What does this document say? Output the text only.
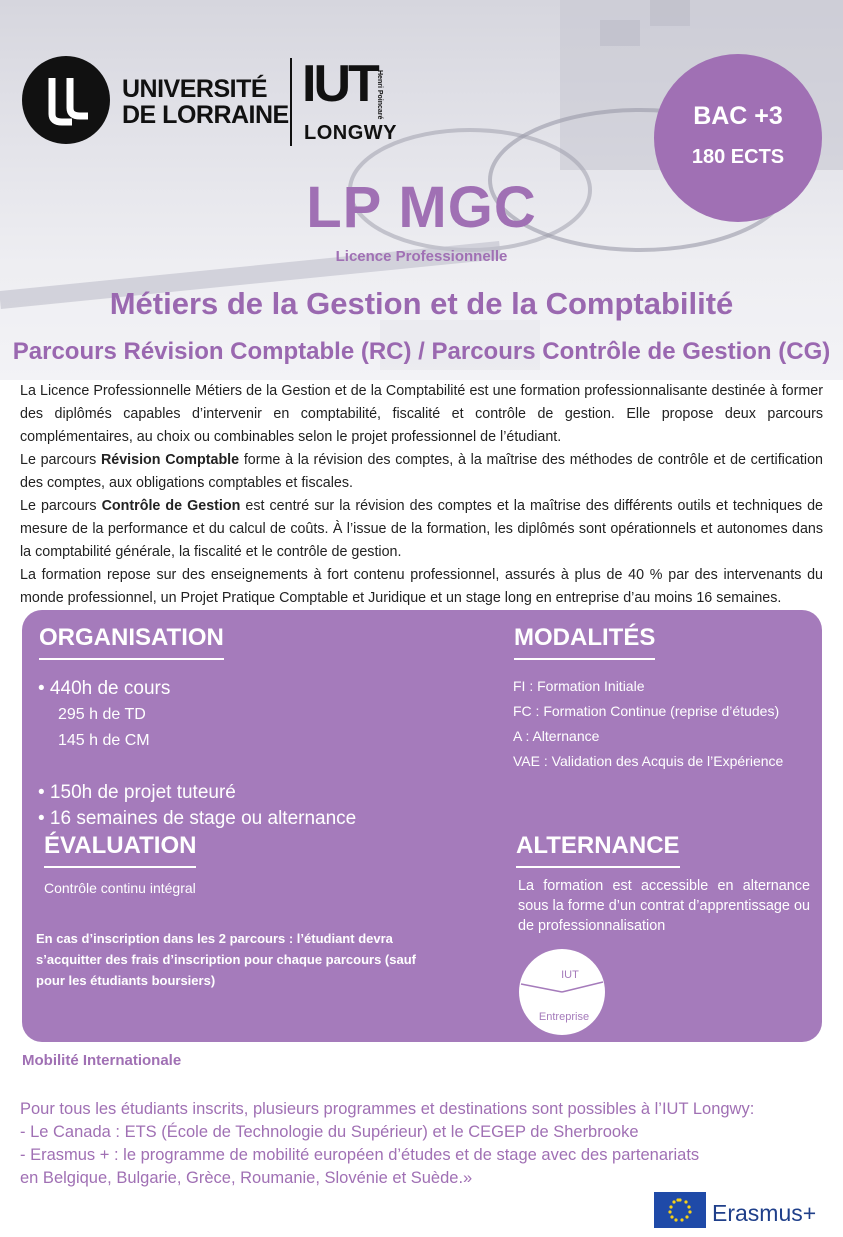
UNIVERSITÉ
DE LORRAINE
IUT Henri Poincaré
LONGWY
BAC +3
180 ECTS
LP MGC
Licence Professionnelle
Métiers de la Gestion et de la Comptabilité
Parcours Révision Comptable (RC) / Parcours Contrôle de Gestion (CG)

La Licence Professionnelle Métiers de la Gestion et de la Comptabilité est une formation professionnalisante destinée à former des diplômés capables d’intervenir en comptabilité, fiscalité et contrôle de gestion. Elle propose deux parcours complémentaires, au choix ou combinables selon le projet professionnel de l’étudiant.

Le parcours Révision Comptable forme à la révision des comptes, à la maîtrise des méthodes de contrôle et de certification des comptes, aux obligations comptables et fiscales.

Le parcours Contrôle de Gestion est centré sur la révision des comptes et la maîtrise des différents outils et techniques de mesure de la performance et du calcul de coûts. À l’issue de la formation, les diplômés sont opérationnels et autonomes dans la comptabilité générale, la fiscalité et le contrôle de gestion.

La formation repose sur des enseignements à fort contenu professionnel, assurés à plus de 40 % par des intervenants du monde professionnel, un Projet Pratique Comptable et Juridique et un stage long en entreprise d’au moins 16 semaines.

ORGANISATION
• 440h de cours
295 h de TD
145 h de CM
• 150h de projet tuteuré
• 16 semaines de stage ou alternance
MODALITÉS
FI : Formation Initiale
FC : Formation Continue (reprise d’études)
A : Alternance
VAE : Validation des Acquis de l’Expérience
ÉVALUATION
Contrôle continu intégral
En cas d’inscription dans les 2 parcours : l’étudiant devra s’acquitter des frais d’inscription pour chaque parcours (sauf pour les étudiants boursiers)
ALTERNANCE
La formation est accessible en alternance sous la forme d’un contrat d’apprentissage ou de professionnalisation
IUT
Entreprise
Mobilité Internationale

Pour tous les étudiants inscrits, plusieurs programmes et destinations sont possibles à l’IUT Longwy:

- Le Canada : ETS (École de Technologie du Supérieur) et le CEGEP de Sherbrooke

- Erasmus + : le programme de mobilité européen d’études et de stage avec des partenariats

en Belgique, Bulgarie, Grèce, Roumanie, Slovénie et Suède.»

Erasmus+
